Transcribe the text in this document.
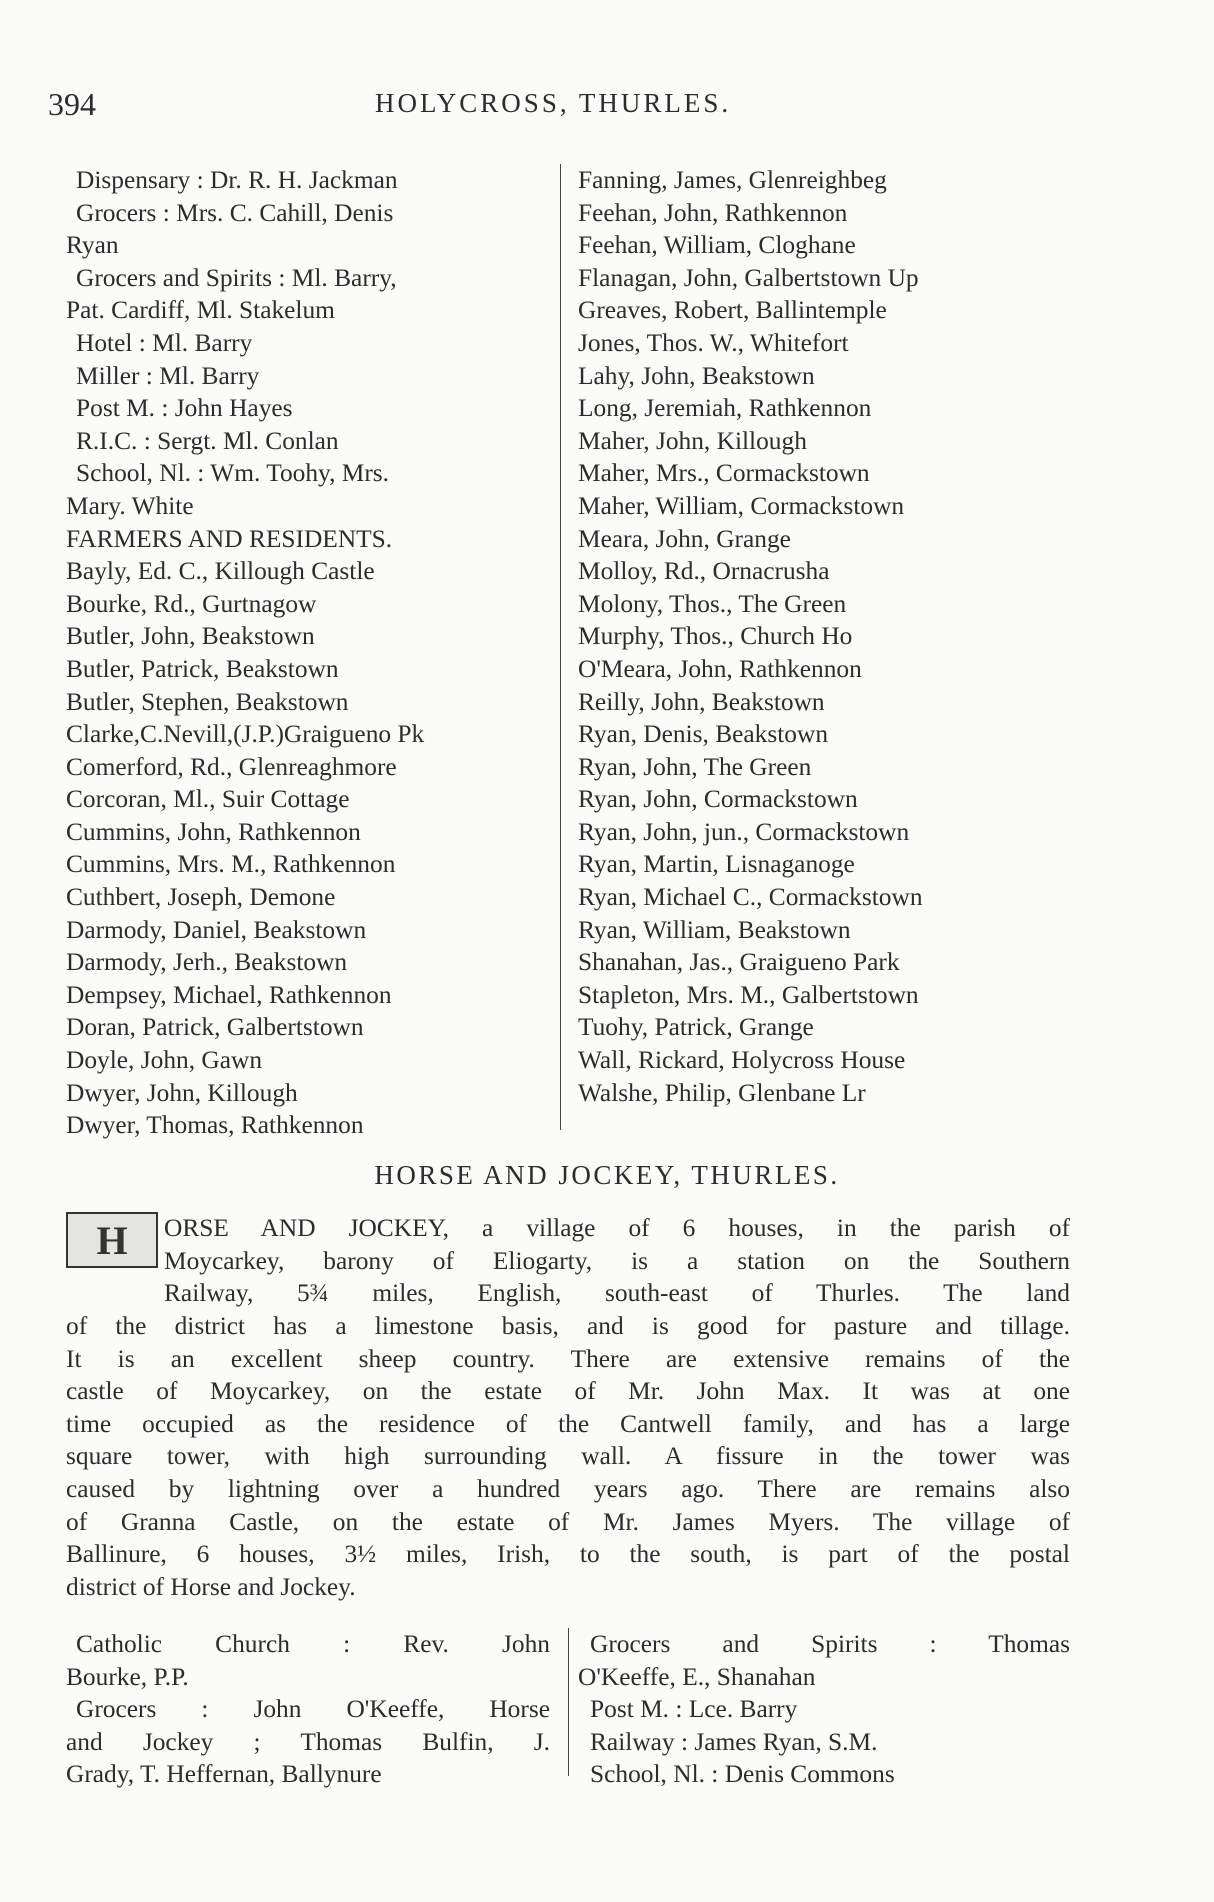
394	HOLYCROSS, THURLES.
Dispensary : Dr. R. H. Jackman
Grocers : Mrs. C. Cahill, Denis
Ryan
Grocers and Spirits : Ml. Barry,
Pat. Cardiff, Ml. Stakelum
Hotel : Ml. Barry
Miller : Ml. Barry
Post M. : John Hayes
R.I.C. : Sergt. Ml. Conlan
School, Nl. : Wm. Toohy, Mrs.
Mary. White
FARMERS AND RESIDENTS.
Bayly, Ed. C., Killough Castle
Bourke, Rd., Gurtnagow
Butler, John, Beakstown
Butler, Patrick, Beakstown
Butler, Stephen, Beakstown
Clarke,C.Nevill,(J.P.)Graigueno Pk
Comerford, Rd., Glenreaghmore
Corcoran, Ml., Suir Cottage
Cummins, John, Rathkennon
Cummins, Mrs. M., Rathkennon
Cuthbert, Joseph, Demone
Darmody, Daniel, Beakstown
Darmody, Jerh., Beakstown
Dempsey, Michael, Rathkennon
Doran, Patrick, Galbertstown
Doyle, John, Gawn
Dwyer, John, Killough
Dwyer, Thomas, Rathkennon
Fanning, James, Glenreighbeg
Feehan, John, Rathkennon
Feehan, William, Cloghane
Flanagan, John, Galbertstown Up
Greaves, Robert, Ballintemple
Jones, Thos. W., Whitefort
Lahy, John, Beakstown
Long, Jeremiah, Rathkennon
Maher, John, Killough
Maher, Mrs., Cormackstown
Maher, William, Cormackstown
Meara, John, Grange
Molloy, Rd., Ornacrusha
Molony, Thos., The Green
Murphy, Thos., Church Ho
O'Meara, John, Rathkennon
Reilly, John, Beakstown
Ryan, Denis, Beakstown
Ryan, John, The Green
Ryan, John, Cormackstown
Ryan, John, jun., Cormackstown
Ryan, Martin, Lisnaganoge
Ryan, Michael C., Cormackstown
Ryan, William, Beakstown
Shanahan, Jas., Graigueno Park
Stapleton, Mrs. M., Galbertstown
Tuohy, Patrick, Grange
Wall, Rickard, Holycross House
Walshe, Philip, Glenbane Lr
HORSE AND JOCKEY, THURLES.
H	ORSE AND JOCKEY, a village of 6 houses, in the parish of
Moycarkey, barony of Eliogarty, is a station on the Southern
Railway, 5¾ miles, English, south-east of Thurles. The land
of the district has a limestone basis, and is good for pasture and tillage.
It is an excellent sheep country. There are extensive remains of the
castle of Moycarkey, on the estate of Mr. John Max. It was at one
time occupied as the residence of the Cantwell family, and has a large
square tower, with high surrounding wall. A fissure in the tower was
caused by lightning over a hundred years ago. There are remains also
of Granna Castle, on the estate of Mr. James Myers. The village of
Ballinure, 6 houses, 3½ miles, Irish, to the south, is part of the postal
district of Horse and Jockey.
Catholic Church : Rev. John
Bourke, P.P.
Grocers : John O'Keeffe, Horse
and Jockey ; Thomas Bulfin, J.
Grady, T. Heffernan, Ballynure
Grocers and Spirits : Thomas
O'Keeffe, E., Shanahan
Post M. : Lce. Barry
Railway : James Ryan, S.M.
School, Nl. : Denis Commons
